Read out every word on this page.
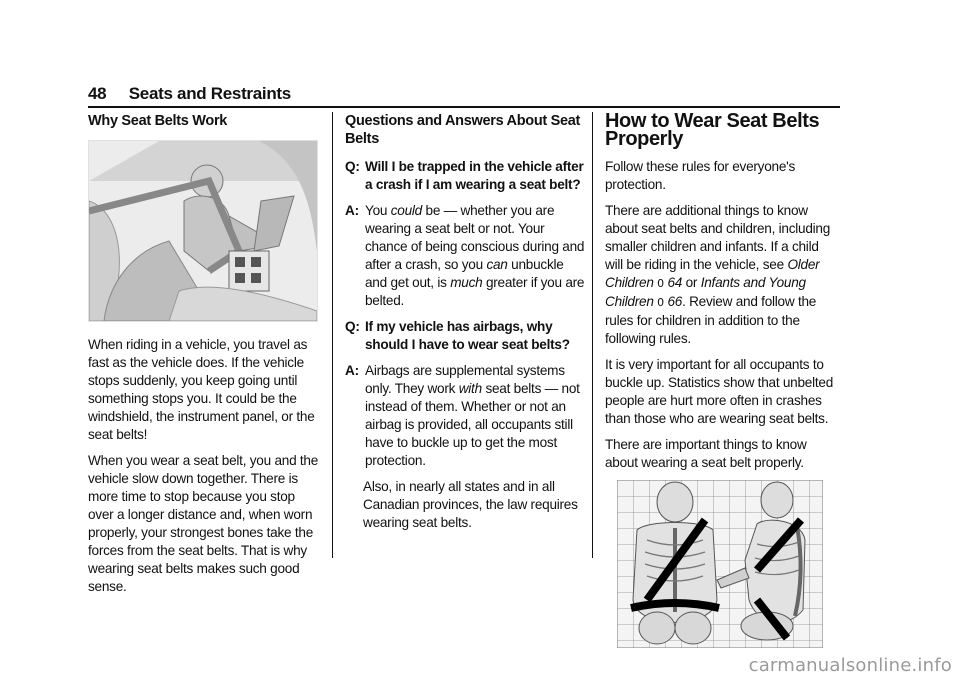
48 Seats and Restraints
Why Seat Belts Work

When riding in a vehicle, you travel as fast as the vehicle does. If the vehicle stops suddenly, you keep going until something stops you. It could be the windshield, the instrument panel, or the seat belts!

When you wear a seat belt, you and the vehicle slow down together. There is more time to stop because you stop over a longer distance and, when worn properly, your strongest bones take the forces from the seat belts. That is why wearing seat belts makes such good sense.

Questions and Answers About Seat Belts
Q: Will I be trapped in the vehicle after a crash if I am wearing a seat belt?
A: You could be — whether you are wearing a seat belt or not. Your chance of being conscious during and after a crash, so you can unbuckle and get out, is much greater if you are belted.
Q: If my vehicle has airbags, why should I have to wear seat belts?
A: Airbags are supplemental systems only. They work with seat belts — not instead of them. Whether or not an airbag is provided, all occupants still have to buckle up to get the most protection.

Also, in nearly all states and in all Canadian provinces, the law requires wearing seat belts.

How to Wear Seat Belts Properly

Follow these rules for everyone's protection.

There are additional things to know about seat belts and children, including smaller children and infants. If a child will be riding in the vehicle, see Older Children 0 64 or Infants and Young Children 0 66. Review and follow the rules for children in addition to the following rules.

It is very important for all occupants to buckle up. Statistics show that unbelted people are hurt more often in crashes than those who are wearing seat belts.

There are important things to know about wearing a seat belt properly.

carmanualsonline.info
